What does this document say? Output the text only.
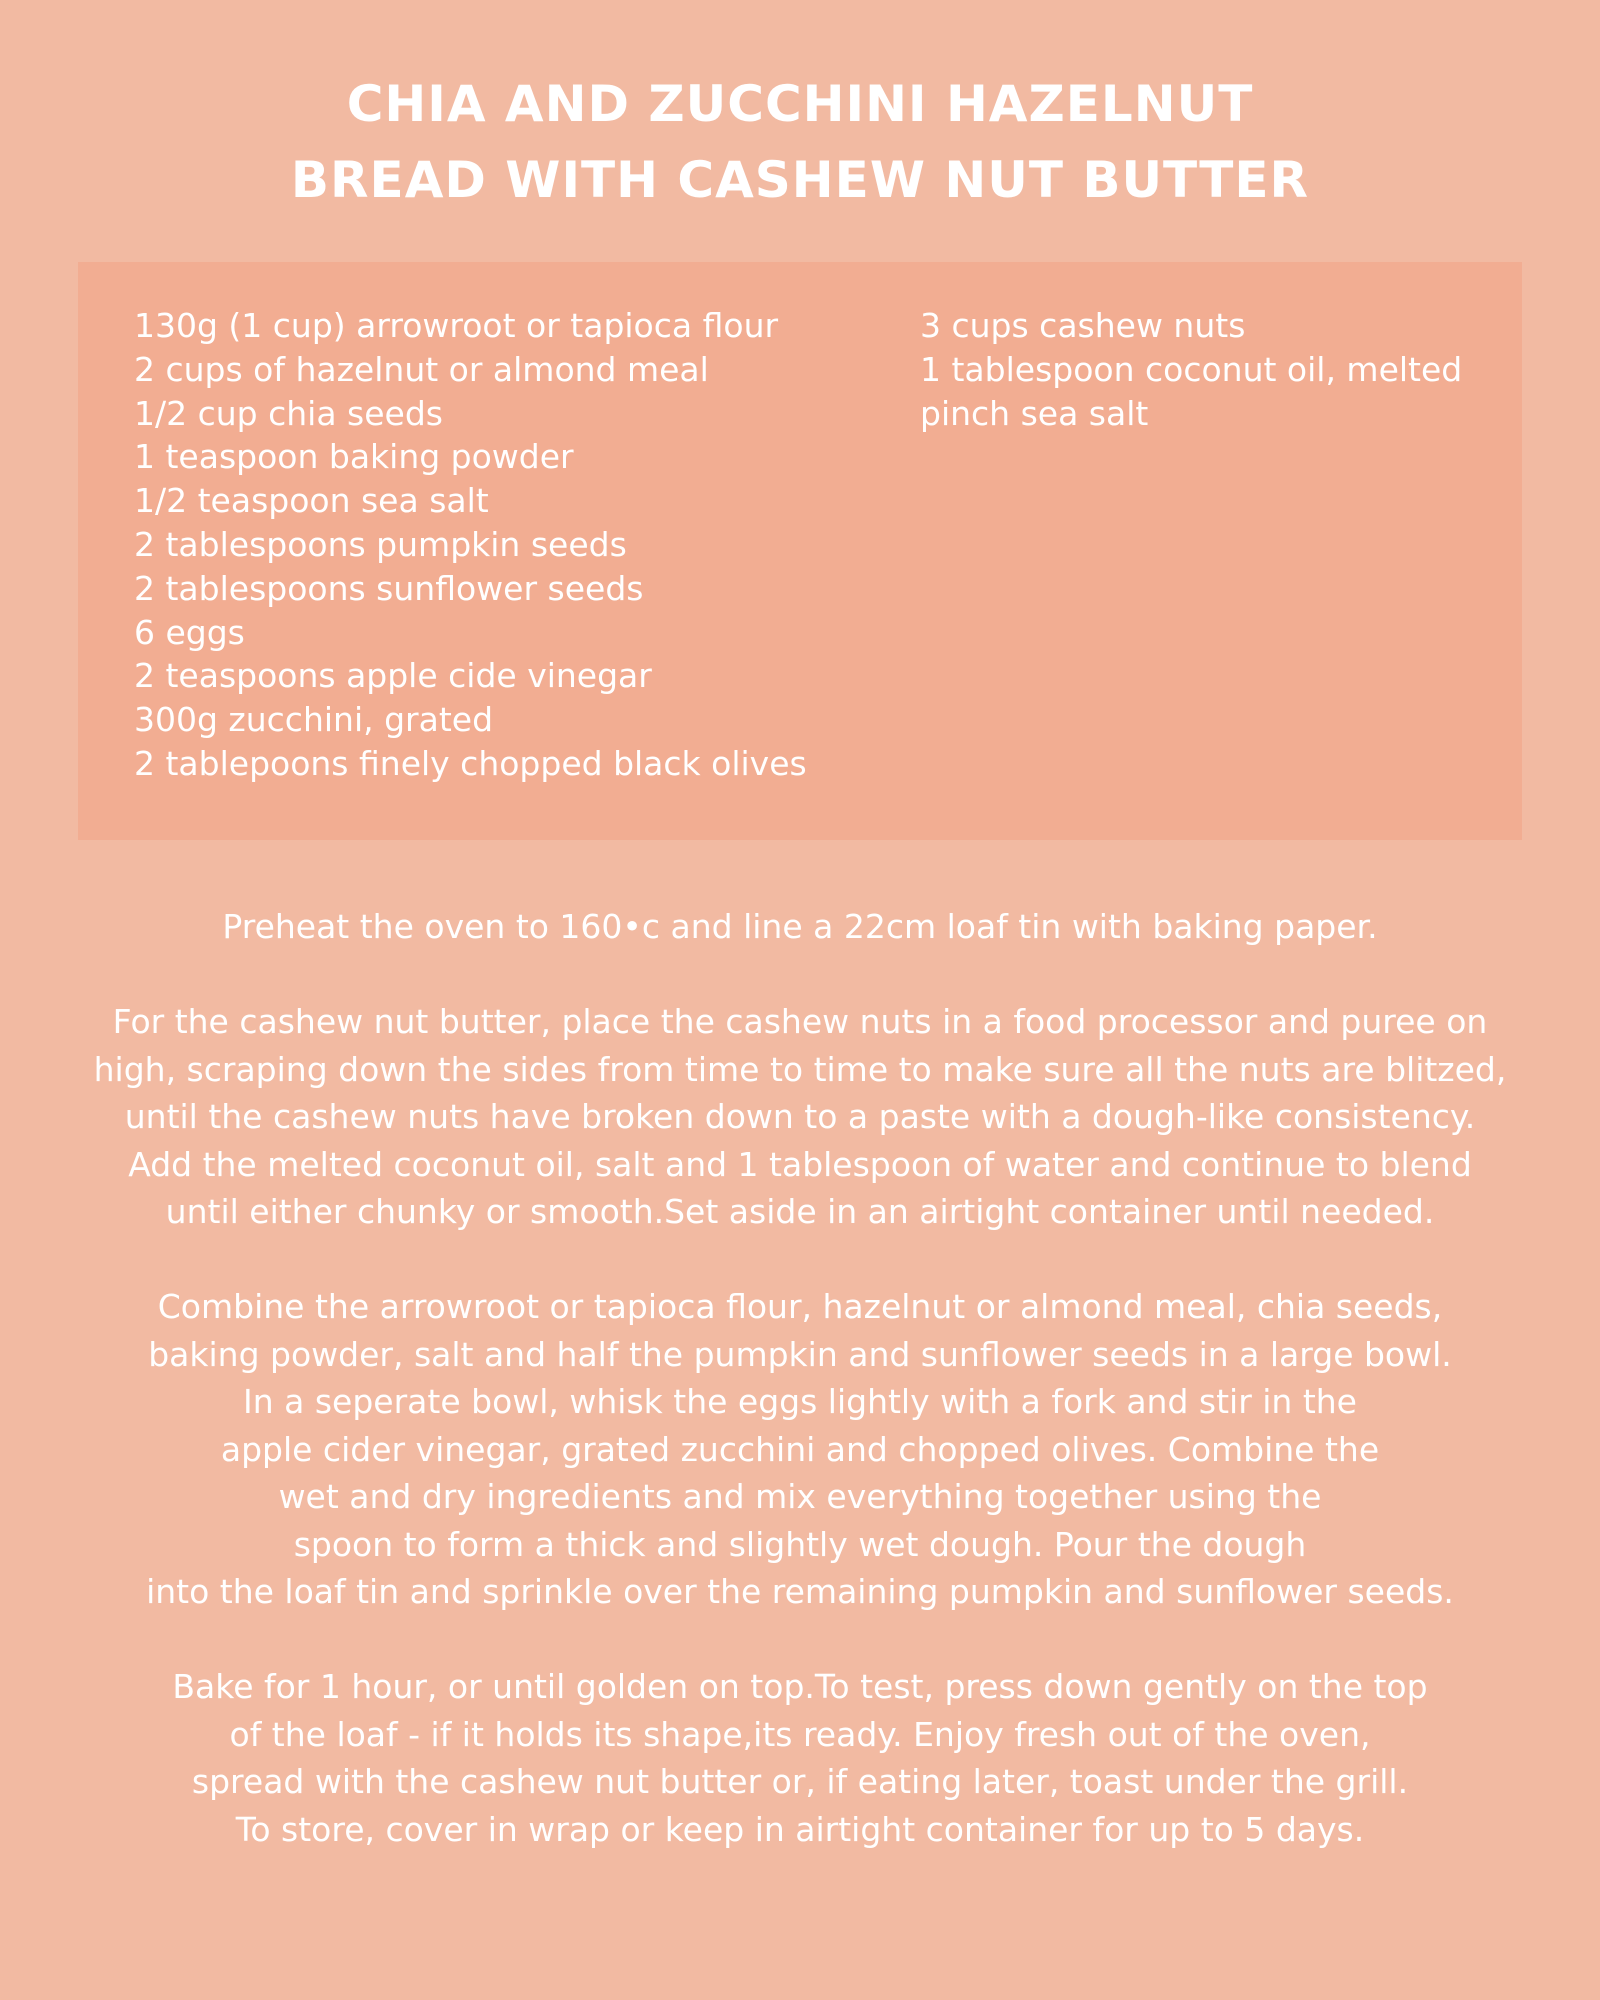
CHIA AND ZUCCHINI HAZELNUT
BREAD WITH CASHEW NUT BUTTER
130g (1 cup) arrowroot or tapioca flour
2 cups of hazelnut or almond meal
1/2 cup chia seeds
1 teaspoon baking powder
1/2 teaspoon sea salt
2 tablespoons pumpkin seeds
2 tablespoons sunflower seeds
6 eggs
2 teaspoons apple cide vinegar
300g zucchini, grated
2 tablepoons finely chopped black olives
3 cups cashew nuts
1 tablespoon coconut oil, melted
pinch sea salt

Preheat the oven to 160•c and line a 22cm loaf tin with baking paper.

For the cashew nut butter, place the cashew nuts in a food processor and puree on
high, scraping down the sides from time to time to make sure all the nuts are blitzed,
until the cashew nuts have broken down to a paste with a dough-like consistency.
Add the melted coconut oil, salt and 1 tablespoon of water and continue to blend
until either chunky or smooth.Set aside in an airtight container until needed.

Combine the arrowroot or tapioca flour, hazelnut or almond meal, chia seeds,
baking powder, salt and half the pumpkin and sunflower seeds in a large bowl.
In a seperate bowl, whisk the eggs lightly with a fork and stir in the
apple cider vinegar, grated zucchini and chopped olives. Combine the
wet and dry ingredients and mix everything together using the
spoon to form a thick and slightly wet dough. Pour the dough
into the loaf tin and sprinkle over the remaining pumpkin and sunflower seeds.

Bake for 1 hour, or until golden on top.To test, press down gently on the top
of the loaf - if it holds its shape,its ready. Enjoy fresh out of the oven,
spread with the cashew nut butter or, if eating later, toast under the grill.
To store, cover in wrap or keep in airtight container for up to 5 days.
